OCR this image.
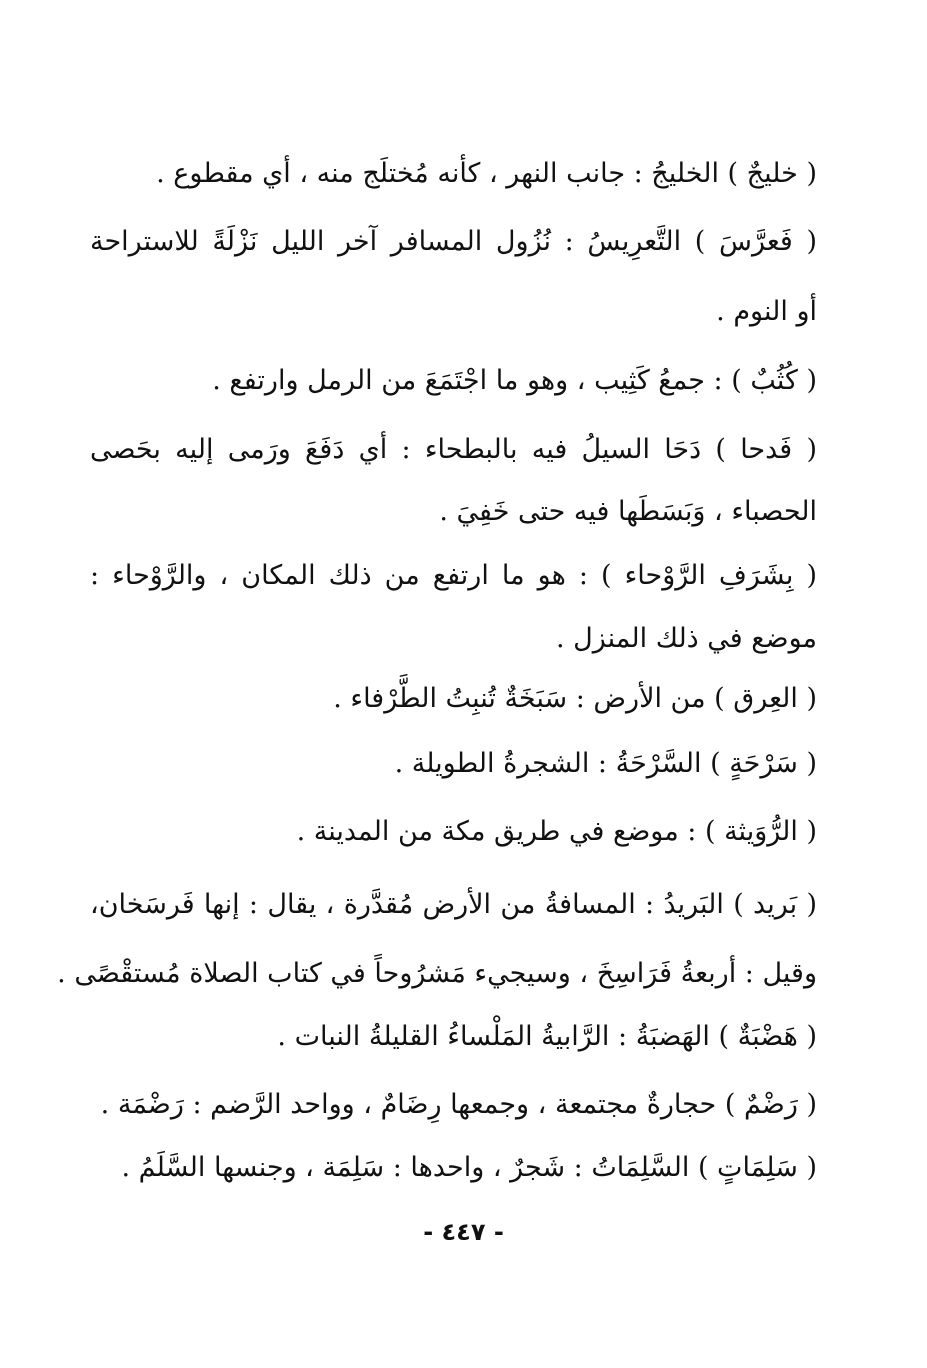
( خليجٌ ) الخليجُ : جانب النهر ، كأنه مُختلَج منه ، أي مقطوع .
( فَعرَّسَ ) التَّعرِيسُ : نُزُول المسافر آخر الليل نَزْلَةً للاستراحة
أو النوم .
( كُثُبٌ ) : جمعُ كَثِيب ، وهو ما اجْتَمَعَ من الرمل وارتفع .
( فَدحا ) دَحَا السيلُ فيه بالبطحاء : أي دَفَعَ ورَمى إليه بحَصى
الحصباء ، وَبَسَطَها فيه حتى خَفِيَ .
( بِشَرَفِ الرَّوْحاء ) : هو ما ارتفع من ذلك المكان ، والرَّوْحاء :
موضع في ذلك المنزل .
( العِرق ) من الأرض : سَبَخَةٌ تُنبِتُ الطَّرْفاء .
( سَرْحَةٍ ) السَّرْحَةُ : الشجرةُ الطويلة .
( الرُّوَيثة ) : موضع في طريق مكة من المدينة .
( بَريد ) البَريدُ : المسافةُ من الأرض مُقدَّرة ، يقال : إنها فَرسَخان،
وقيل : أربعةُ فَرَاسِخَ ، وسيجيء مَشرُوحاً في كتاب الصلاة مُستقْصًى .
( هَضْبَةٌ ) الهَضبَةُ : الرَّابيةُ المَلْساءُ القليلةُ النبات .
( رَضْمٌ ) حجارةٌ مجتمعة ، وجمعها رِضَامٌ ، وواحد الرَّضم : رَضْمَة .
( سَلِمَاتٍ ) السَّلِمَاتُ : شَجرٌ ، واحدها : سَلِمَة ، وجنسها السَّلَمُ .
- ٤٤٧ -
